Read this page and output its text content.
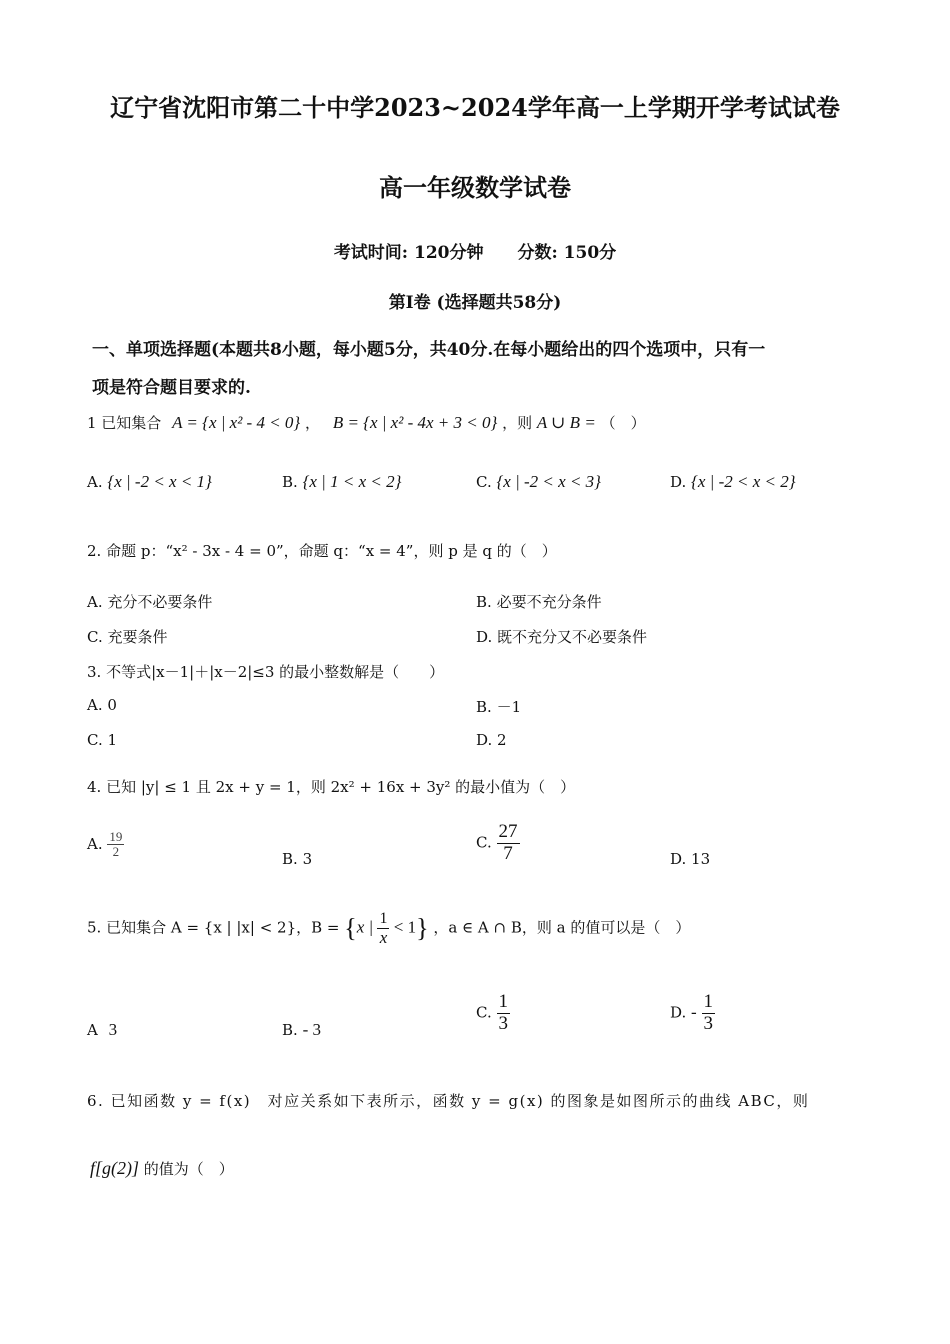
辽宁省沈阳市第二十中学2023~2024学年高一上学期开学考试试卷
高一年级数学试卷
考试时间: 120分钟　　分数: 150分
第Ⅰ卷 (选择题共58分)
一、单项选择题(本题共8小题，每小题5分，共40分.在每小题给出的四个选项中，只有一
项是符合题目要求的.
1 已知集合 A = {x | x² - 4 < 0} ， B = {x | x² - 4x + 3 < 0} ，则 A ∪ B = （　）
A. {x | -2 < x < 1}	B. {x | 1 < x < 2}	C. {x | -2 < x < 3}	D. {x | -2 < x < 2}
2. 命题 p：“x² - 3x - 4 = 0”，命题 q：“x = 4”，则 p 是 q 的（　）
A. 充分不必要条件	B. 必要不充分条件
C. 充要条件	D. 既不充分又不必要条件
3. 不等式|x－1|＋|x－2|≤3 的最小整数解是（　　）
A. 0	B. －1
C. 1	D. 2
4. 已知 |y| ≤ 1 且 2x + y = 1，则 2x² + 16x + 3y² 的最小值为（　）
A. $\frac{19}{2}$	B. 3
C. $\frac{27}{7}$	D. 13
5. 已知集合 A = {x | |x| < 2}，B = {x | $\frac{1}{x} < 1$} ，a ∈ A ∩ B，则 a 的值可以是（　）
A 3	B. - 3
C. $\frac{1}{3}$	D. - $\frac{1}{3}$
6. 已知函数 y = f(x)　对应关系如下表所示，函数 y = g(x) 的图象是如图所示的曲线 ABC，则
f[g(2)] 的值为（　）
